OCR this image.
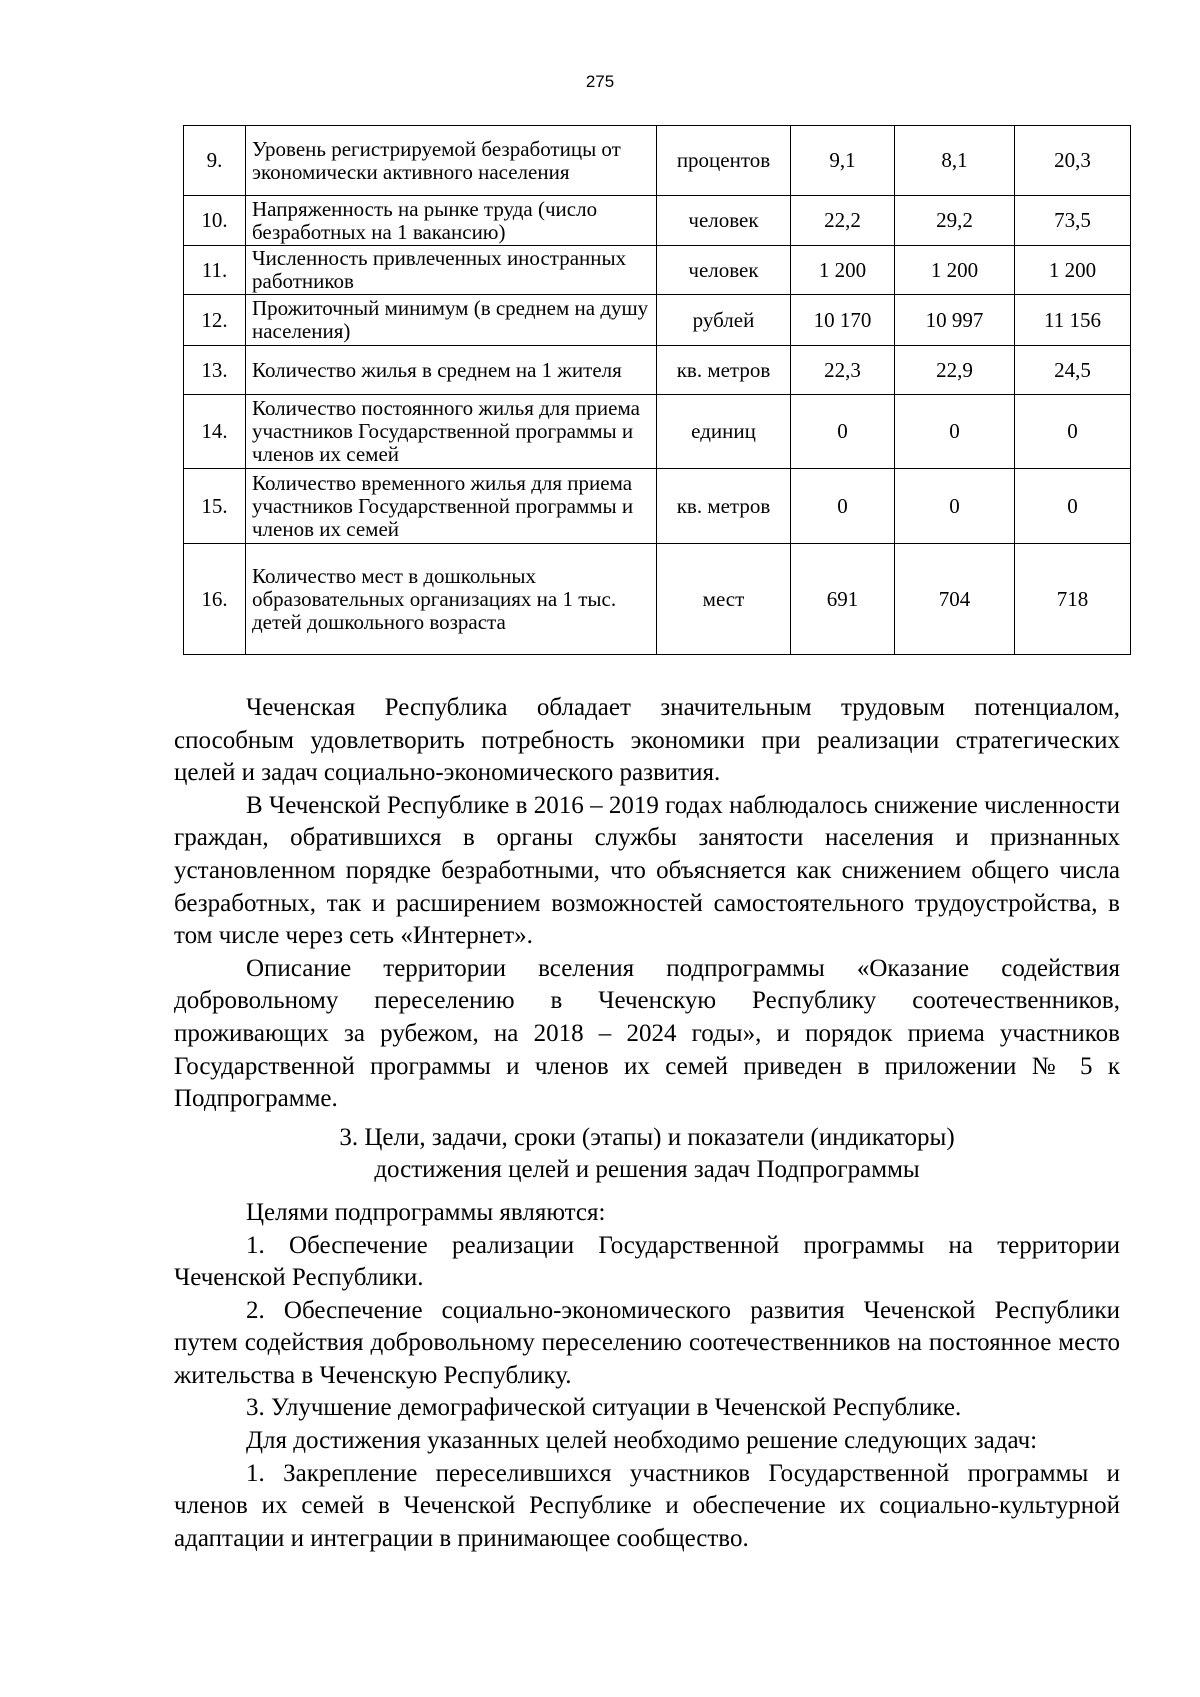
275
9.	Уровень регистрируемой безработицы от экономически активного населения	процентов	9,1	8,1	20,3
10.	Напряженность на рынке труда (число безработных на 1 вакансию)	человек	22,2	29,2	73,5
11.	Численность привлеченных иностранных работников	человек	1 200	1 200	1 200
12.	Прожиточный минимум (в среднем на душу населения)	рублей	10 170	10 997	11 156
13.	Количество жилья в среднем на 1 жителя	кв. метров	22,3	22,9	24,5
14.	Количество постоянного жилья для приема участников Государственной программы и членов их семей	единиц	0	0	0
15.	Количество временного жилья для приема участников Государственной программы и членов их семей	кв. метров	0	0	0
16.	Количество мест в дошкольных образовательных организациях на 1 тыс. детей дошкольного возраста	мест	691	704	718

Чеченская Республика обладает значительным трудовым потенциалом, способным удовлетворить потребность экономики при реализации стратегических целей и задач социально-экономического развития.

В Чеченской Республике в 2016 – 2019 годах наблюдалось снижение численности граждан, обратившихся в органы службы занятости населения и признанных установленном порядке безработными, что объясняется как снижением общего числа безработных, так и расширением возможностей самостоятельного трудоустройства, в том числе через сеть «Интернет».

Описание территории вселения подпрограммы «Оказание содействия добровольному переселению в Чеченскую Республику соотечественников, проживающих за рубежом, на 2018 – 2024 годы», и порядок приема участников Государственной программы и членов их семей приведен в приложении № 5 к Подпрограмме.

3. Цели, задачи, сроки (этапы) и показатели (индикаторы)
достижения целей и решения задач Подпрограммы

Целями подпрограммы являются:

1. Обеспечение реализации Государственной программы на территории Чеченской Республики.

2. Обеспечение социально-экономического развития Чеченской Республики путем содействия добровольному переселению соотечественников на постоянное место жительства в Чеченскую Республику.

3. Улучшение демографической ситуации в Чеченской Республике.

Для достижения указанных целей необходимо решение следующих задач:

1. Закрепление переселившихся участников Государственной программы и членов их семей в Чеченской Республике и обеспечение их социально-культурной адаптации и интеграции в принимающее сообщество.
